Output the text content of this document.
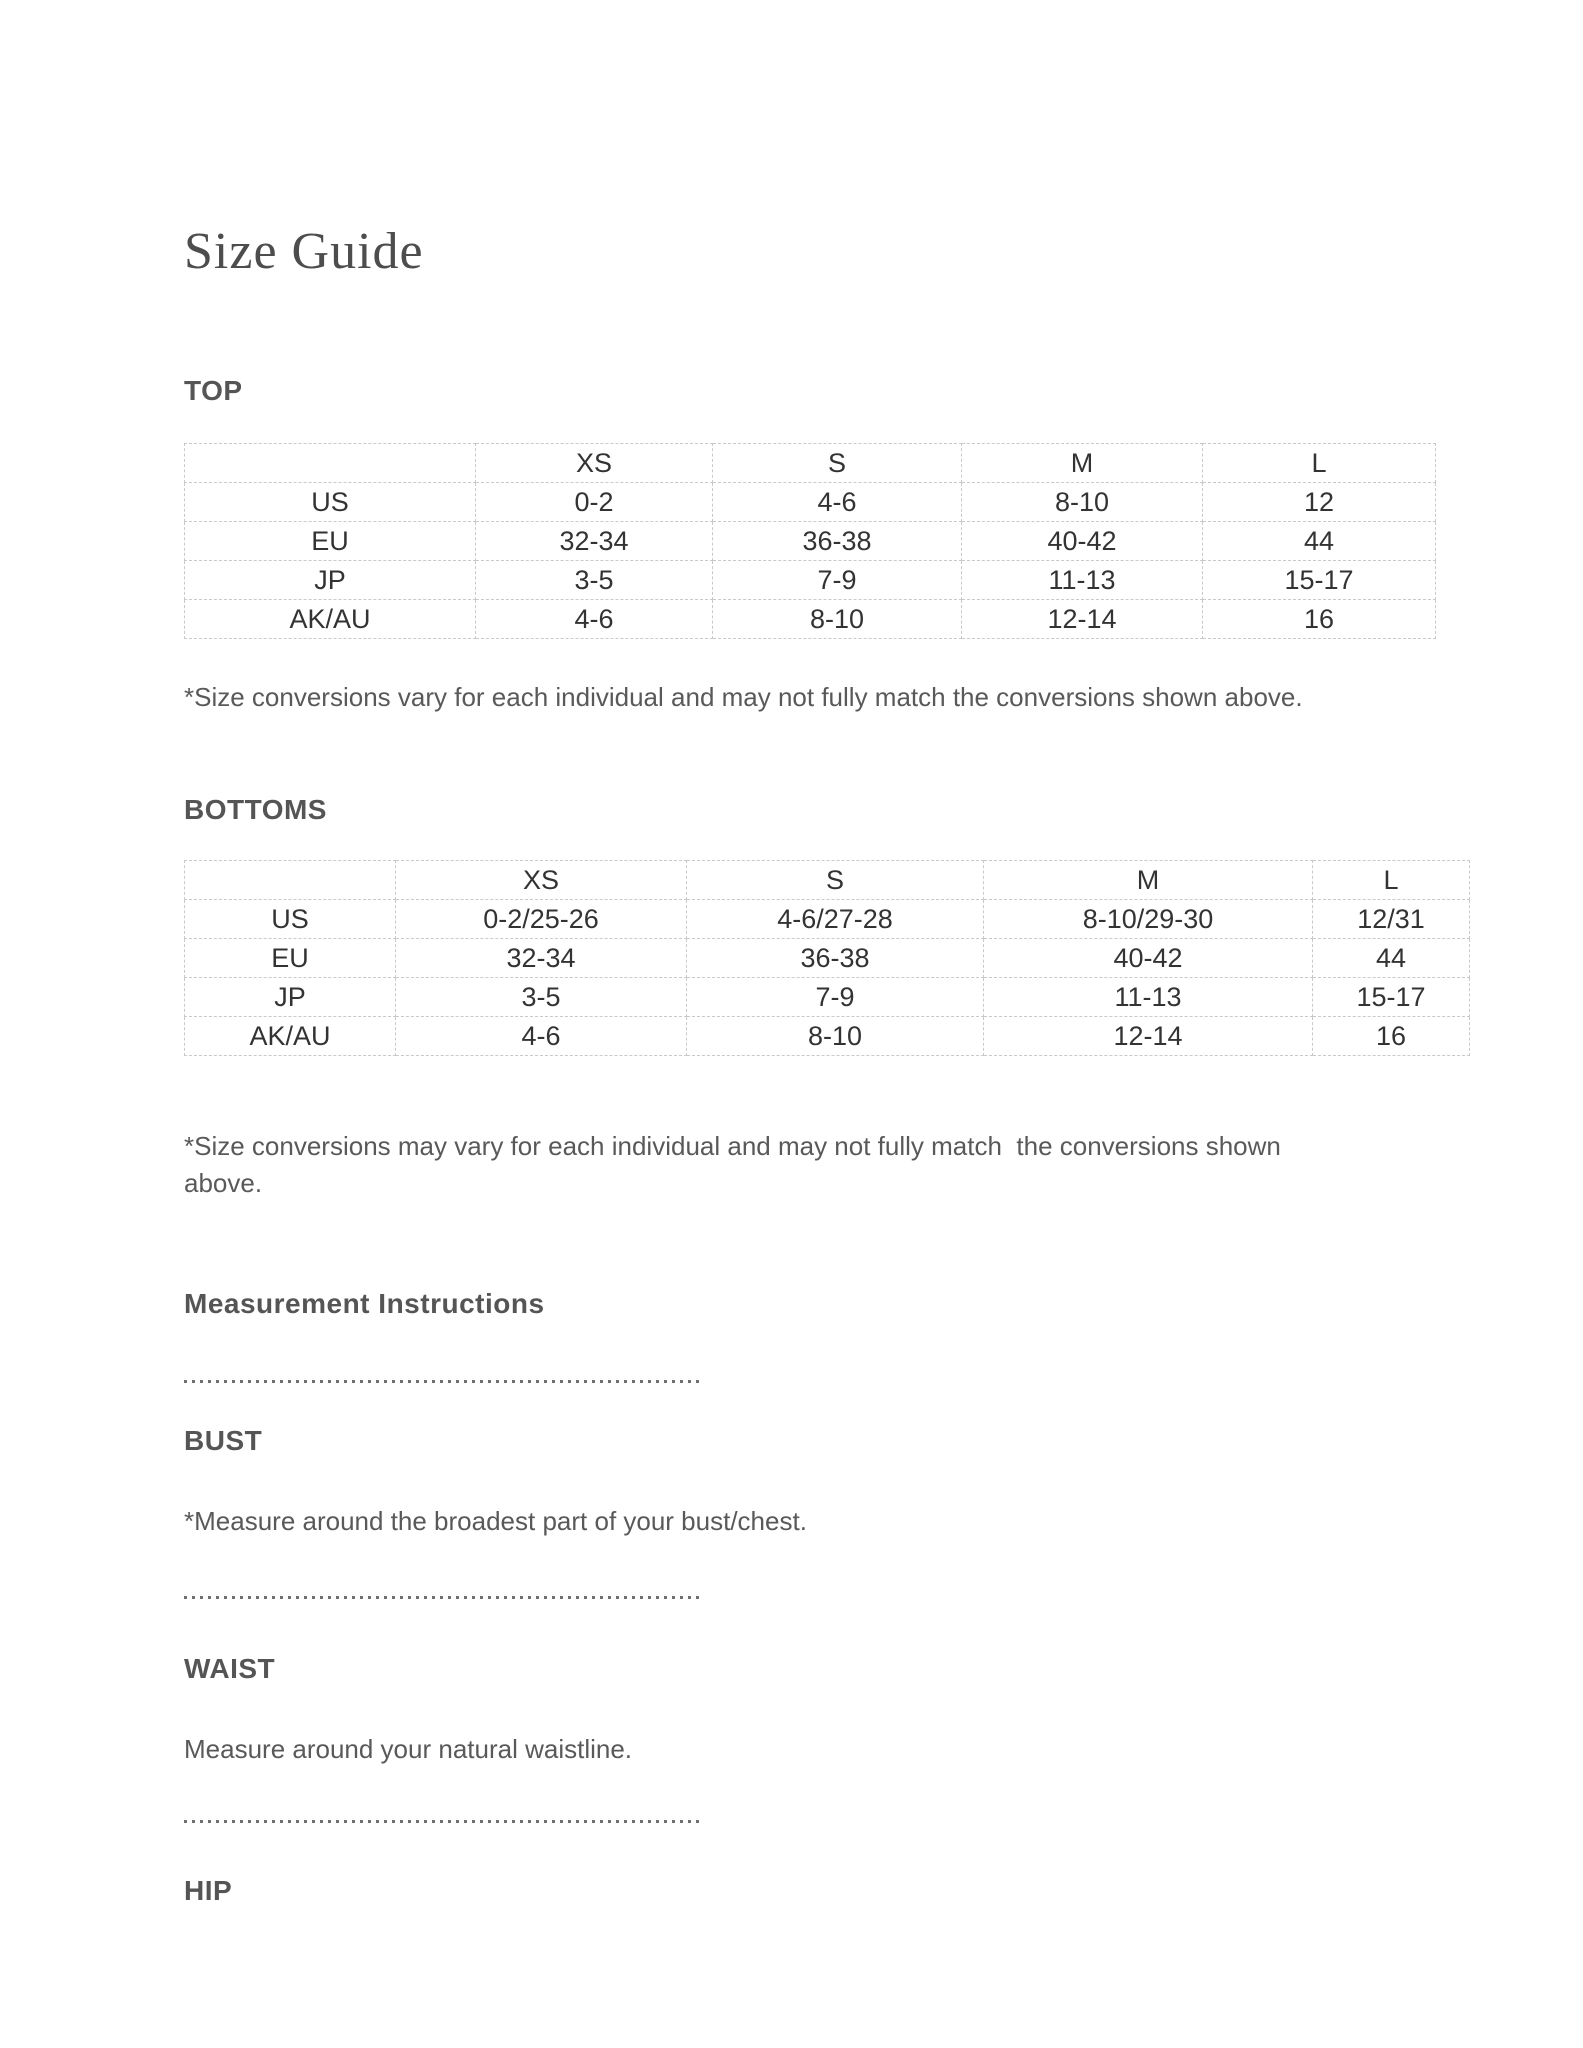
Size Guide
TOP
	XS	S	M	L
US	0-2	4-6	8-10	12
EU	32-34	36-38	40-42	44
JP	3-5	7-9	11-13	15-17
AK/AU	4-6	8-10	12-14	16

*Size conversions vary for each individual and may not fully match the conversions shown above.

BOTTOMS
	XS	S	M	L
US	0-2/25-26	4-6/27-28	8-10/29-30	12/31
EU	32-34	36-38	40-42	44
JP	3-5	7-9	11-13	15-17
AK/AU	4-6	8-10	12-14	16

*Size conversions may vary for each individual and may not fully match  the conversions shown
above.

Measurement Instructions
BUST

*Measure around the broadest part of your bust/chest.

WAIST

Measure around your natural waistline.

HIP
